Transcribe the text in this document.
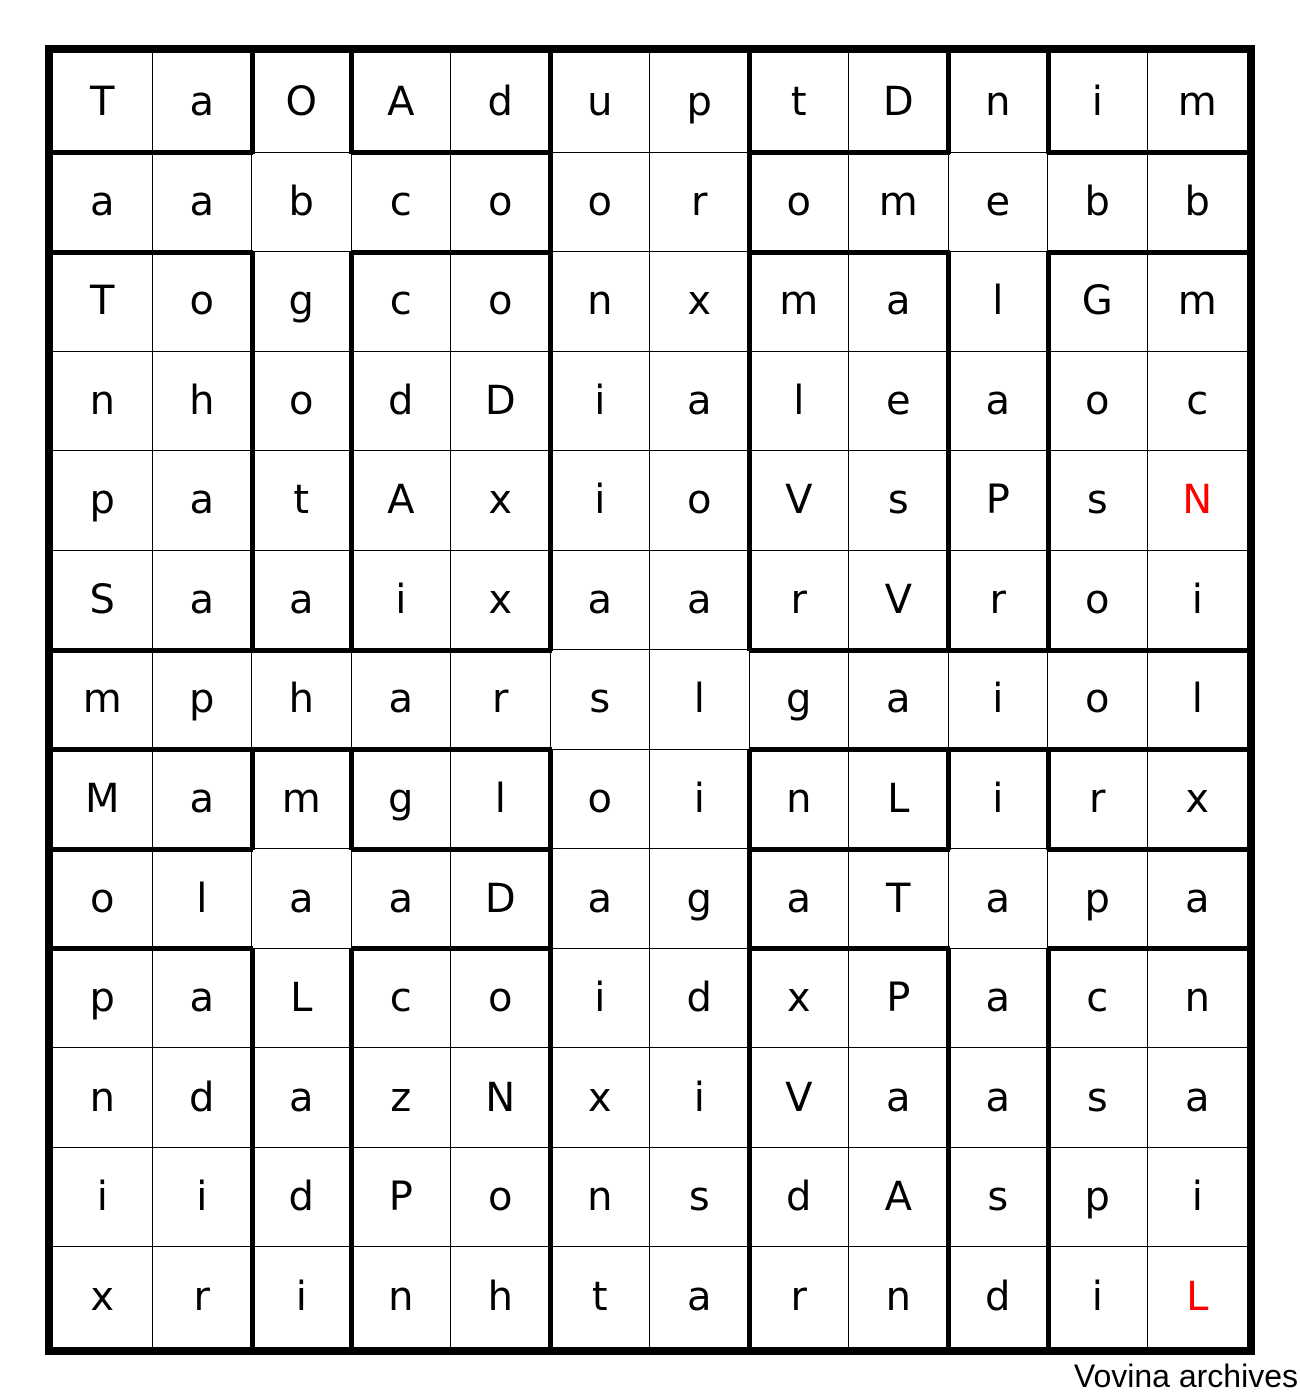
T	a	O	A	d	u	p	t	D	n	i	m
a	a	b	c	o	o	r	o	m	e	b	b
T	o	g	c	o	n	x	m	a	l	G	m
n	h	o	d	D	i	a	l	e	a	o	c
p	a	t	A	x	i	o	V	s	P	s	N
S	a	a	i	x	a	a	r	V	r	o	i
m	p	h	a	r	s	l	g	a	i	o	l
M	a	m	g	l	o	i	n	L	i	r	x
o	l	a	a	D	a	g	a	T	a	p	a
p	a	L	c	o	i	d	x	P	a	c	n
n	d	a	z	N	x	i	V	a	a	s	a
i	i	d	P	o	n	s	d	A	s	p	i
x	r	i	n	h	t	a	r	n	d	i	L
Vovina archives
